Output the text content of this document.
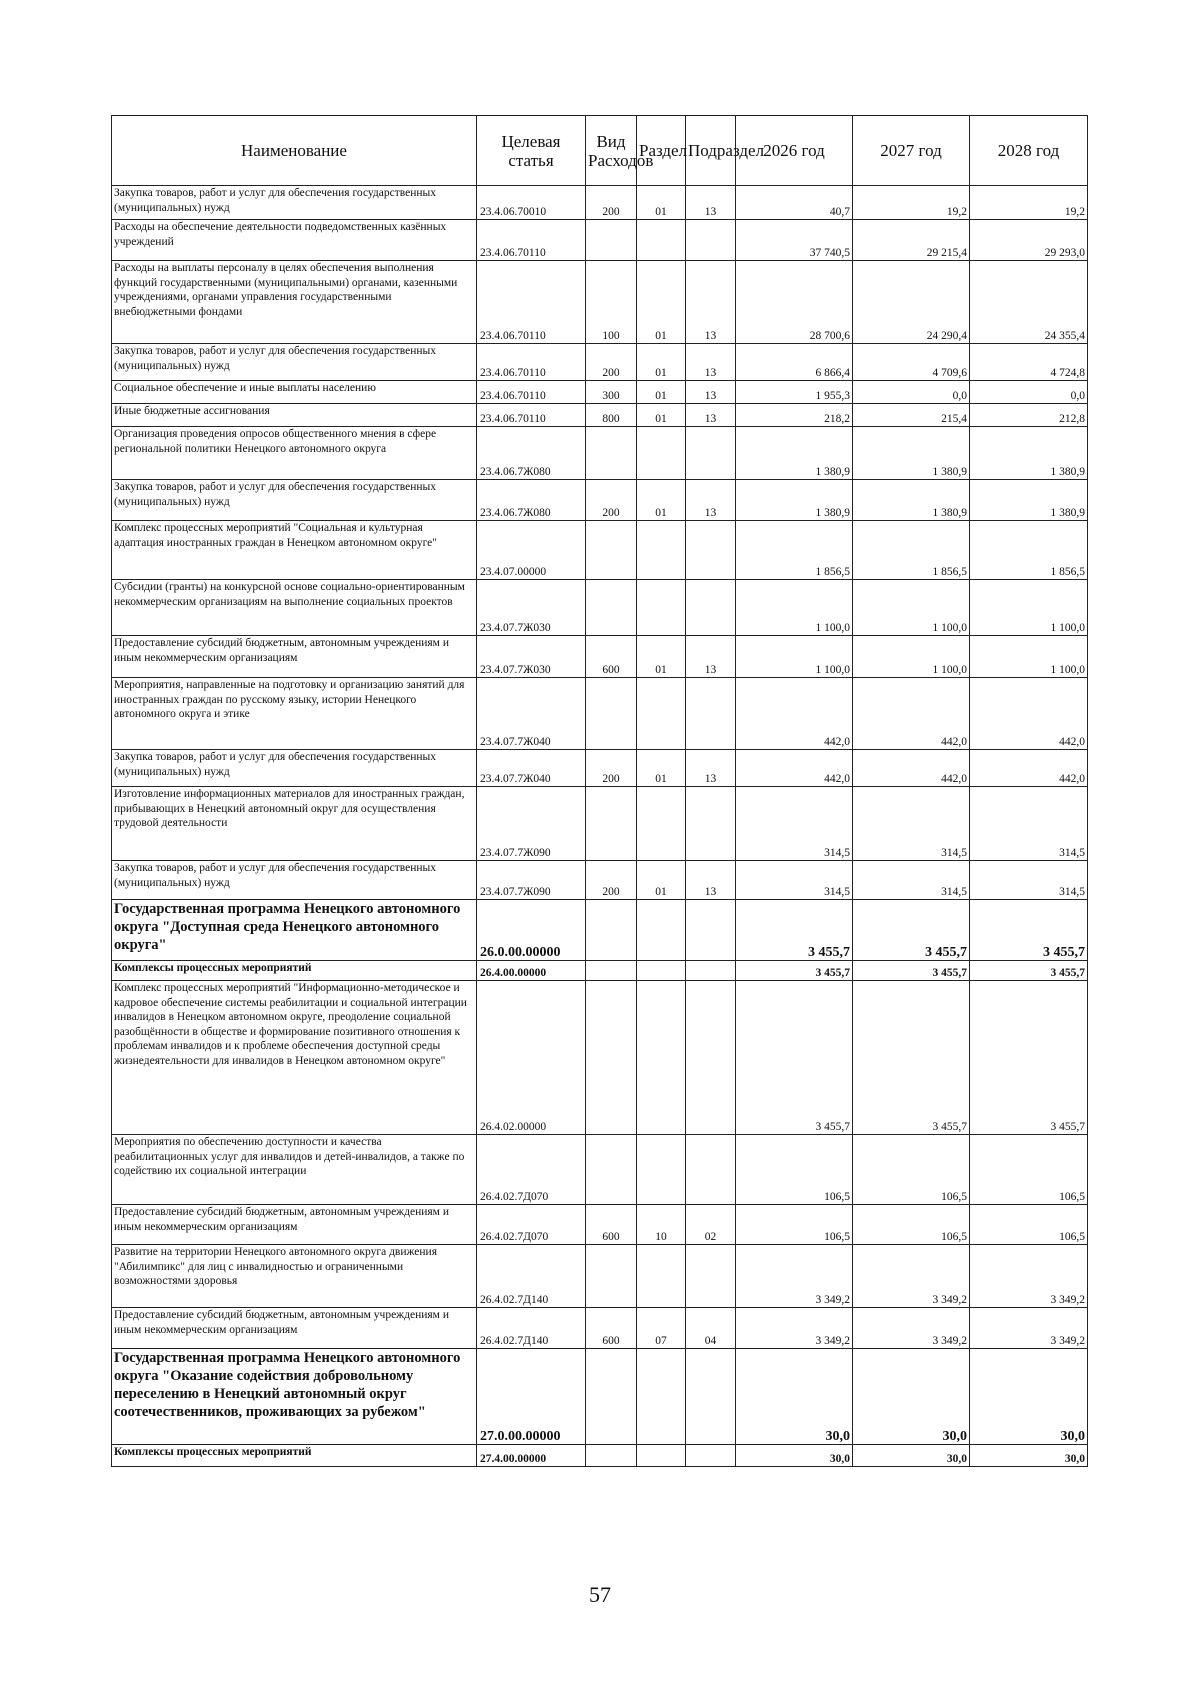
Наименование	Целевая статья	Вид Расходов	Раздел	Подраздел	2026 год	2027 год	2028 год
Закупка товаров, работ и услуг для обеспечения государственных (муниципальных) нужд	23.4.06.70010	200	01	13	40,7	19,2	19,2
Расходы на обеспечение деятельности подведомственных казённых учреждений	23.4.06.70110				37 740,5	29 215,4	29 293,0
Расходы на выплаты персоналу в целях обеспечения выполнения функций государственными (муниципальными) органами, казенными учреждениями, органами управления государственными внебюджетными фондами	23.4.06.70110	100	01	13	28 700,6	24 290,4	24 355,4
Закупка товаров, работ и услуг для обеспечения государственных (муниципальных) нужд	23.4.06.70110	200	01	13	6 866,4	4 709,6	4 724,8
Социальное обеспечение и иные выплаты населению	23.4.06.70110	300	01	13	1 955,3	0,0	0,0
Иные бюджетные ассигнования	23.4.06.70110	800	01	13	218,2	215,4	212,8
Организация проведения опросов общественного мнения в сфере региональной политики Ненецкого автономного округа	23.4.06.7Ж080				1 380,9	1 380,9	1 380,9
Закупка товаров, работ и услуг для обеспечения государственных (муниципальных) нужд	23.4.06.7Ж080	200	01	13	1 380,9	1 380,9	1 380,9
Комплекс процессных мероприятий "Социальная и культурная адаптация иностранных граждан в Ненецком автономном округе"	23.4.07.00000				1 856,5	1 856,5	1 856,5
Субсидии (гранты) на конкурсной основе социально-ориентированным некоммерческим организациям на выполнение социальных проектов	23.4.07.7Ж030				1 100,0	1 100,0	1 100,0
Предоставление субсидий бюджетным, автономным учреждениям и иным некоммерческим организациям	23.4.07.7Ж030	600	01	13	1 100,0	1 100,0	1 100,0
Мероприятия, направленные на подготовку и организацию занятий для иностранных граждан по русскому языку, истории Ненецкого автономного округа и этике	23.4.07.7Ж040				442,0	442,0	442,0
Закупка товаров, работ и услуг для обеспечения государственных (муниципальных) нужд	23.4.07.7Ж040	200	01	13	442,0	442,0	442,0
Изготовление информационных материалов для иностранных граждан, прибывающих в Ненецкий автономный округ для осуществления трудовой деятельности	23.4.07.7Ж090				314,5	314,5	314,5
Закупка товаров, работ и услуг для обеспечения государственных (муниципальных) нужд	23.4.07.7Ж090	200	01	13	314,5	314,5	314,5
Государственная программа Ненецкого автономного округа "Доступная среда Ненецкого автономного округа"	26.0.00.00000				3 455,7	3 455,7	3 455,7
Комплексы процессных мероприятий	26.4.00.00000				3 455,7	3 455,7	3 455,7
Комплекс процессных мероприятий "Информационно-методическое и кадровое обеспечение системы реабилитации и социальной интеграции инвалидов в Ненецком автономном округе, преодоление социальной разобщённости в обществе и формирование позитивного отношения к проблемам инвалидов и к проблеме обеспечения доступной среды жизнедеятельности для инвалидов в Ненецком автономном округе"	26.4.02.00000				3 455,7	3 455,7	3 455,7
Мероприятия по обеспечению доступности и качества реабилитационных услуг для инвалидов и детей-инвалидов, а также по содействию их социальной интеграции	26.4.02.7Д070				106,5	106,5	106,5
Предоставление субсидий бюджетным, автономным учреждениям и иным некоммерческим организациям	26.4.02.7Д070	600	10	02	106,5	106,5	106,5
Развитие на территории Ненецкого автономного округа движения "Абилимпикс" для лиц с инвалидностью и ограниченными возможностями здоровья	26.4.02.7Д140				3 349,2	3 349,2	3 349,2
Предоставление субсидий бюджетным, автономным учреждениям и иным некоммерческим организациям	26.4.02.7Д140	600	07	04	3 349,2	3 349,2	3 349,2
Государственная программа Ненецкого автономного округа "Оказание содействия добровольному переселению в Ненецкий автономный округ соотечественников, проживающих за рубежом"	27.0.00.00000				30,0	30,0	30,0
Комплексы процессных мероприятий	27.4.00.00000				30,0	30,0	30,0
57
